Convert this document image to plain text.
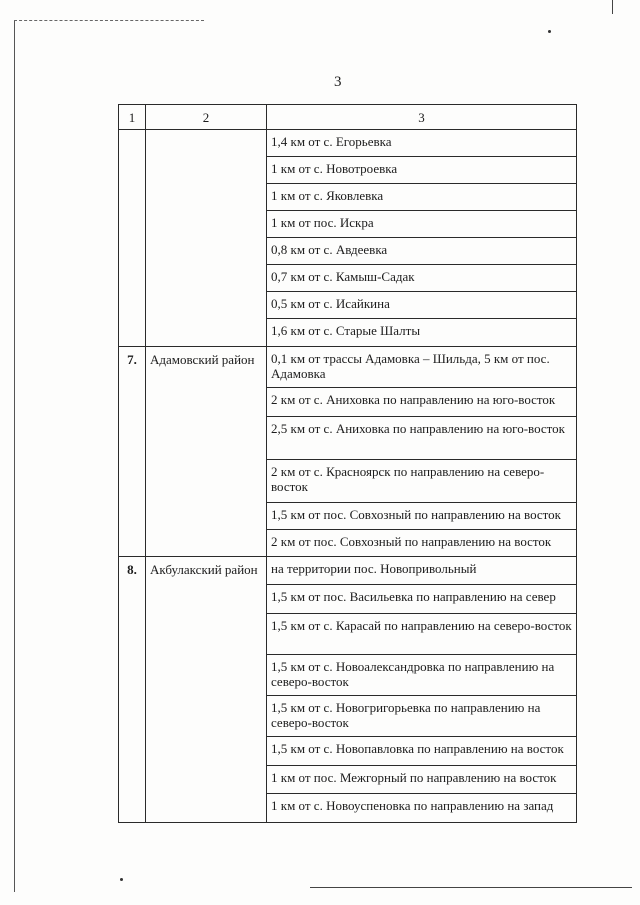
3
1	2	3
		1,4 км от с. Егорьевка
		1 км от с. Новотроевка
		1 км от с. Яковлевка
		1 км от пос. Искра
		0,8 км от с. Авдеевка
		0,7 км от с. Камыш-Садак
		0,5 км от с. Исайкина
		1,6 км от с. Старые Шалты
7.	Адамовский район	0,1 км от трассы Адамовка – Шильда, 5 км от пос. Адамовка
		2 км от с. Аниховка по направлению на юго-восток
		2,5 км от с. Аниховка по направлению на юго-восток
		2 км от с. Красноярск по направлению на северо-восток
		1,5 км от пос. Совхозный по направлению на восток
		2 км от пос. Совхозный по направлению на восток
8.	Акбулакский район	на территории пос. Новопривольный
		1,5 км от пос. Васильевка по направлению на север
		1,5 км от с. Карасай по направлению на северо-восток
		1,5 км от с. Новоалександровка по направлению на северо-восток
		1,5 км от с. Новогригорьевка по направлению на северо-восток
		1,5 км от с. Новопавловка по направлению на восток
		1 км от пос. Межгорный по направлению на восток
		1 км от с. Новоуспеновка по направлению на запад
